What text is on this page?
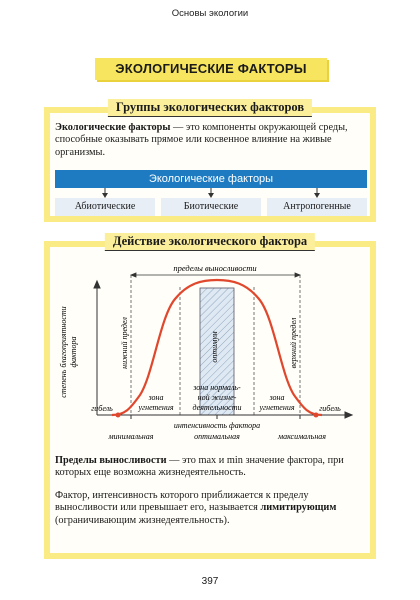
Основы экологии
ЭКОЛОГИЧЕСКИЕ ФАКТОРЫ
Группы экологических факторов
Экологические факторы — это компоненты окружающей среды, способные оказывать прямое или косвенное влияние на живые организмы.
Экологические факторы
Абиотические	Биотические	Антропогенные
Действие экологического фактора
пределы выносливости
степень благоприятности фактора	нижний предел	верхний предел
оптимум
гибель	гибель
зона
угнетения
зона
угнетения
зона нормаль-
ной жизне-
деятельности
интенсивность фактора
минимальная	оптимальная	максимальная
Пределы выносливости — это max и min значение фактора, при которых еще возможна жизнедеятельность.
Фактор, интенсивность которого приближается к пределу выносливости или превышает его, называется лимитирующим (ограничивающим жизнедеятельность).
397
